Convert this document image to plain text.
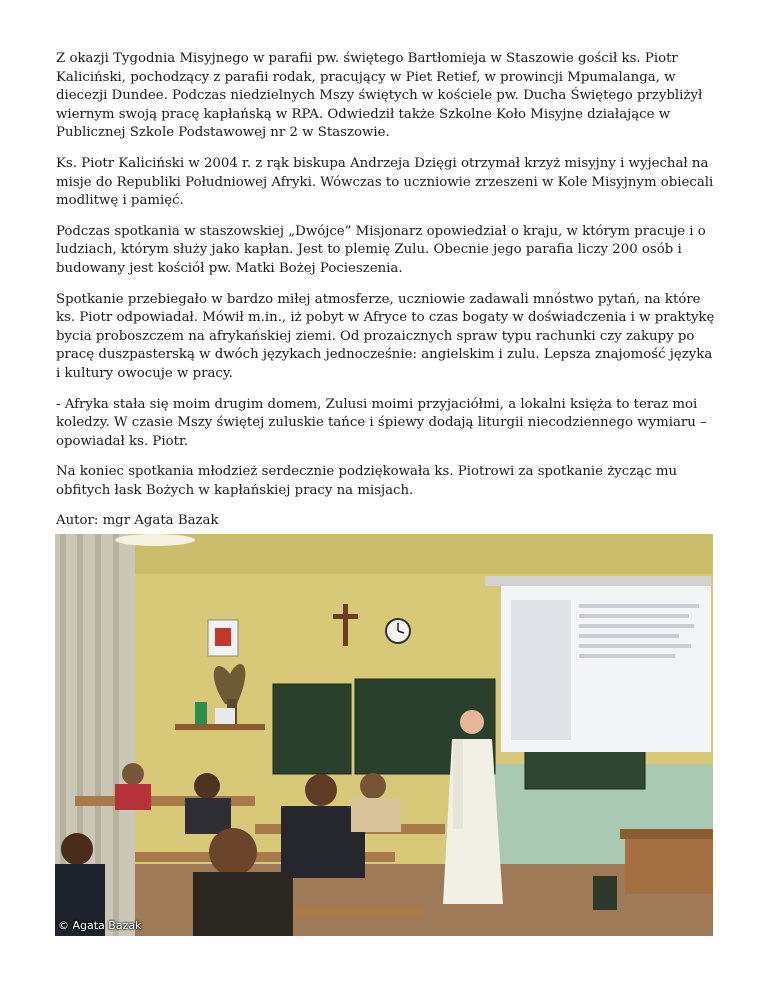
Z okazji Tygodnia Misyjnego w parafii pw. świętego Bartłomieja w Staszowie gościł ks. Piotr Kaliciński, pochodzący z parafii rodak, pracujący w Piet Retief, w prowincji Mpumalanga, w diecezji Dundee. Podczas niedzielnych Mszy świętych w kościele pw. Ducha Świętego przybliżył wiernym swoją pracę kapłańską w RPA. Odwiedził także Szkolne Koło Misyjne działające w Publicznej Szkole Podstawowej nr 2 w Staszowie.

Ks. Piotr Kaliciński w 2004 r. z rąk biskupa Andrzeja Dzięgi otrzymał krzyż misyjny i wyjechał na misje do Republiki Południowej Afryki. Wówczas to uczniowie zrzeszeni w Kole Misyjnym obiecali modlitwę i pamięć.

Podczas spotkania w staszowskiej „Dwójce” Misjonarz opowiedział o kraju, w którym pracuje i o ludziach, którym służy jako kapłan. Jest to plemię Zulu. Obecnie jego parafia liczy 200 osób i budowany jest kościół pw. Matki Bożej Pocieszenia.

Spotkanie przebiegało w bardzo miłej atmosferze, uczniowie zadawali mnóstwo pytań, na które ks. Piotr odpowiadał. Mówił m.in., iż pobyt w Afryce to czas bogaty w doświadczenia i w praktykę bycia proboszczem na afrykańskiej ziemi. Od prozaicznych spraw typu rachunki czy zakupy po pracę duszpasterską w dwóch językach jednocześnie: angielskim i zulu. Lepsza znajomość języka i kultury owocuje w pracy.

- Afryka stała się moim drugim domem, Zulusi moimi przyjaciółmi, a lokalni księża to teraz moi koledzy. W czasie Mszy świętej zuluskie tańce i śpiewy dodają liturgii niecodziennego wymiaru – opowiadał ks. Piotr.

Na koniec spotkania młodzież serdecznie podziękowała ks. Piotrowi za spotkanie życząc mu obfitych łask Bożych w kapłańskiej pracy na misjach.

Autor: mgr Agata Bazak

© Agata Bazak
